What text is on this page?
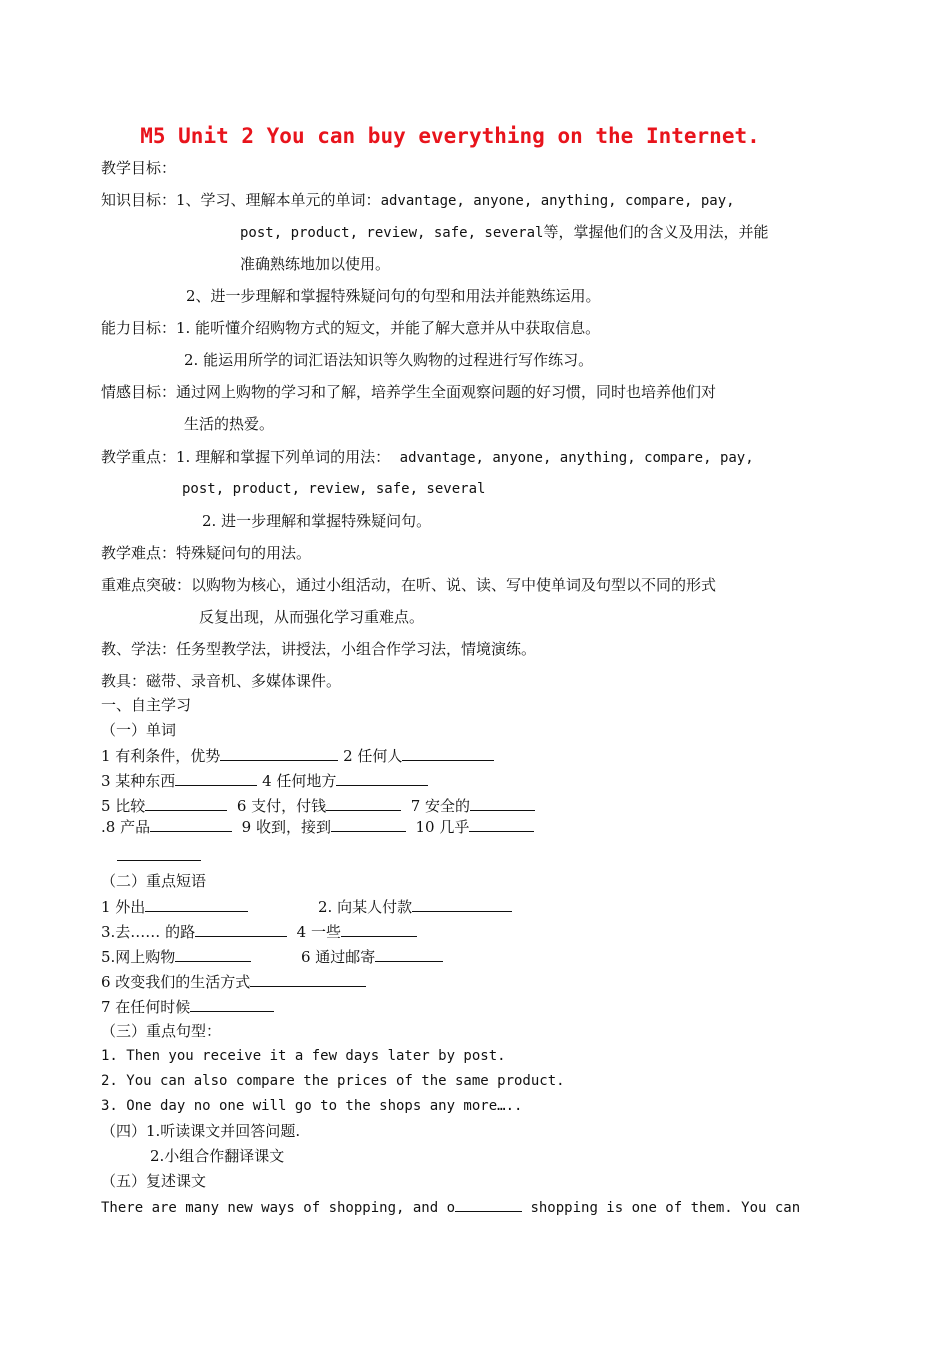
M5 Unit 2 You can buy everything on the Internet.
教学目标：
知识目标：1、学习、理解本单元的单词：advantage, anyone, anything, compare, pay,
post, product, review, safe, several等，掌握他们的含义及用法，并能
准确熟练地加以使用。
2、进一步理解和掌握特殊疑问句的句型和用法并能熟练运用。
能力目标：1. 能听懂介绍购物方式的短文，并能了解大意并从中获取信息。
2. 能运用所学的词汇语法知识等久购物的过程进行写作练习。
情感目标：通过网上购物的学习和了解，培养学生全面观察问题的好习惯，同时也培养他们对
生活的热爱。
教学重点：1. 理解和掌握下列单词的用法： advantage, anyone, anything, compare, pay,
post, product, review, safe, several
2. 进一步理解和掌握特殊疑问句。
教学难点：特殊疑问句的用法。
重难点突破：以购物为核心，通过小组活动，在听、说、读、写中使单词及句型以不同的形式
反复出现，从而强化学习重难点。
教、学法：任务型教学法，讲授法，小组合作学习法，情境演练。
教具：磁带、录音机、多媒体课件。
一、自主学习
（一）单词
1 有利条件，优势	2 任何人
3 某种东西	4 任何地方
5 比较	6 支付，付钱	7 安全的
.8 产品	9 收到，接到	10 几乎
（二）重点短语
1 外出	2. 向某人付款
3.去…… 的路	4 一些
5.网上购物	6 通过邮寄
6 改变我们的生活方式
7 在任何时候
（三）重点句型：
1. Then you receive it a few days later by post.
2. You can also compare the prices of the same product.
3. One day no one will go to the shops any more…..
（四）1.听读课文并回答问题.
2.小组合作翻译课文
（五）复述课文
There are many new ways of shopping, and o	shopping is one of them. You can
